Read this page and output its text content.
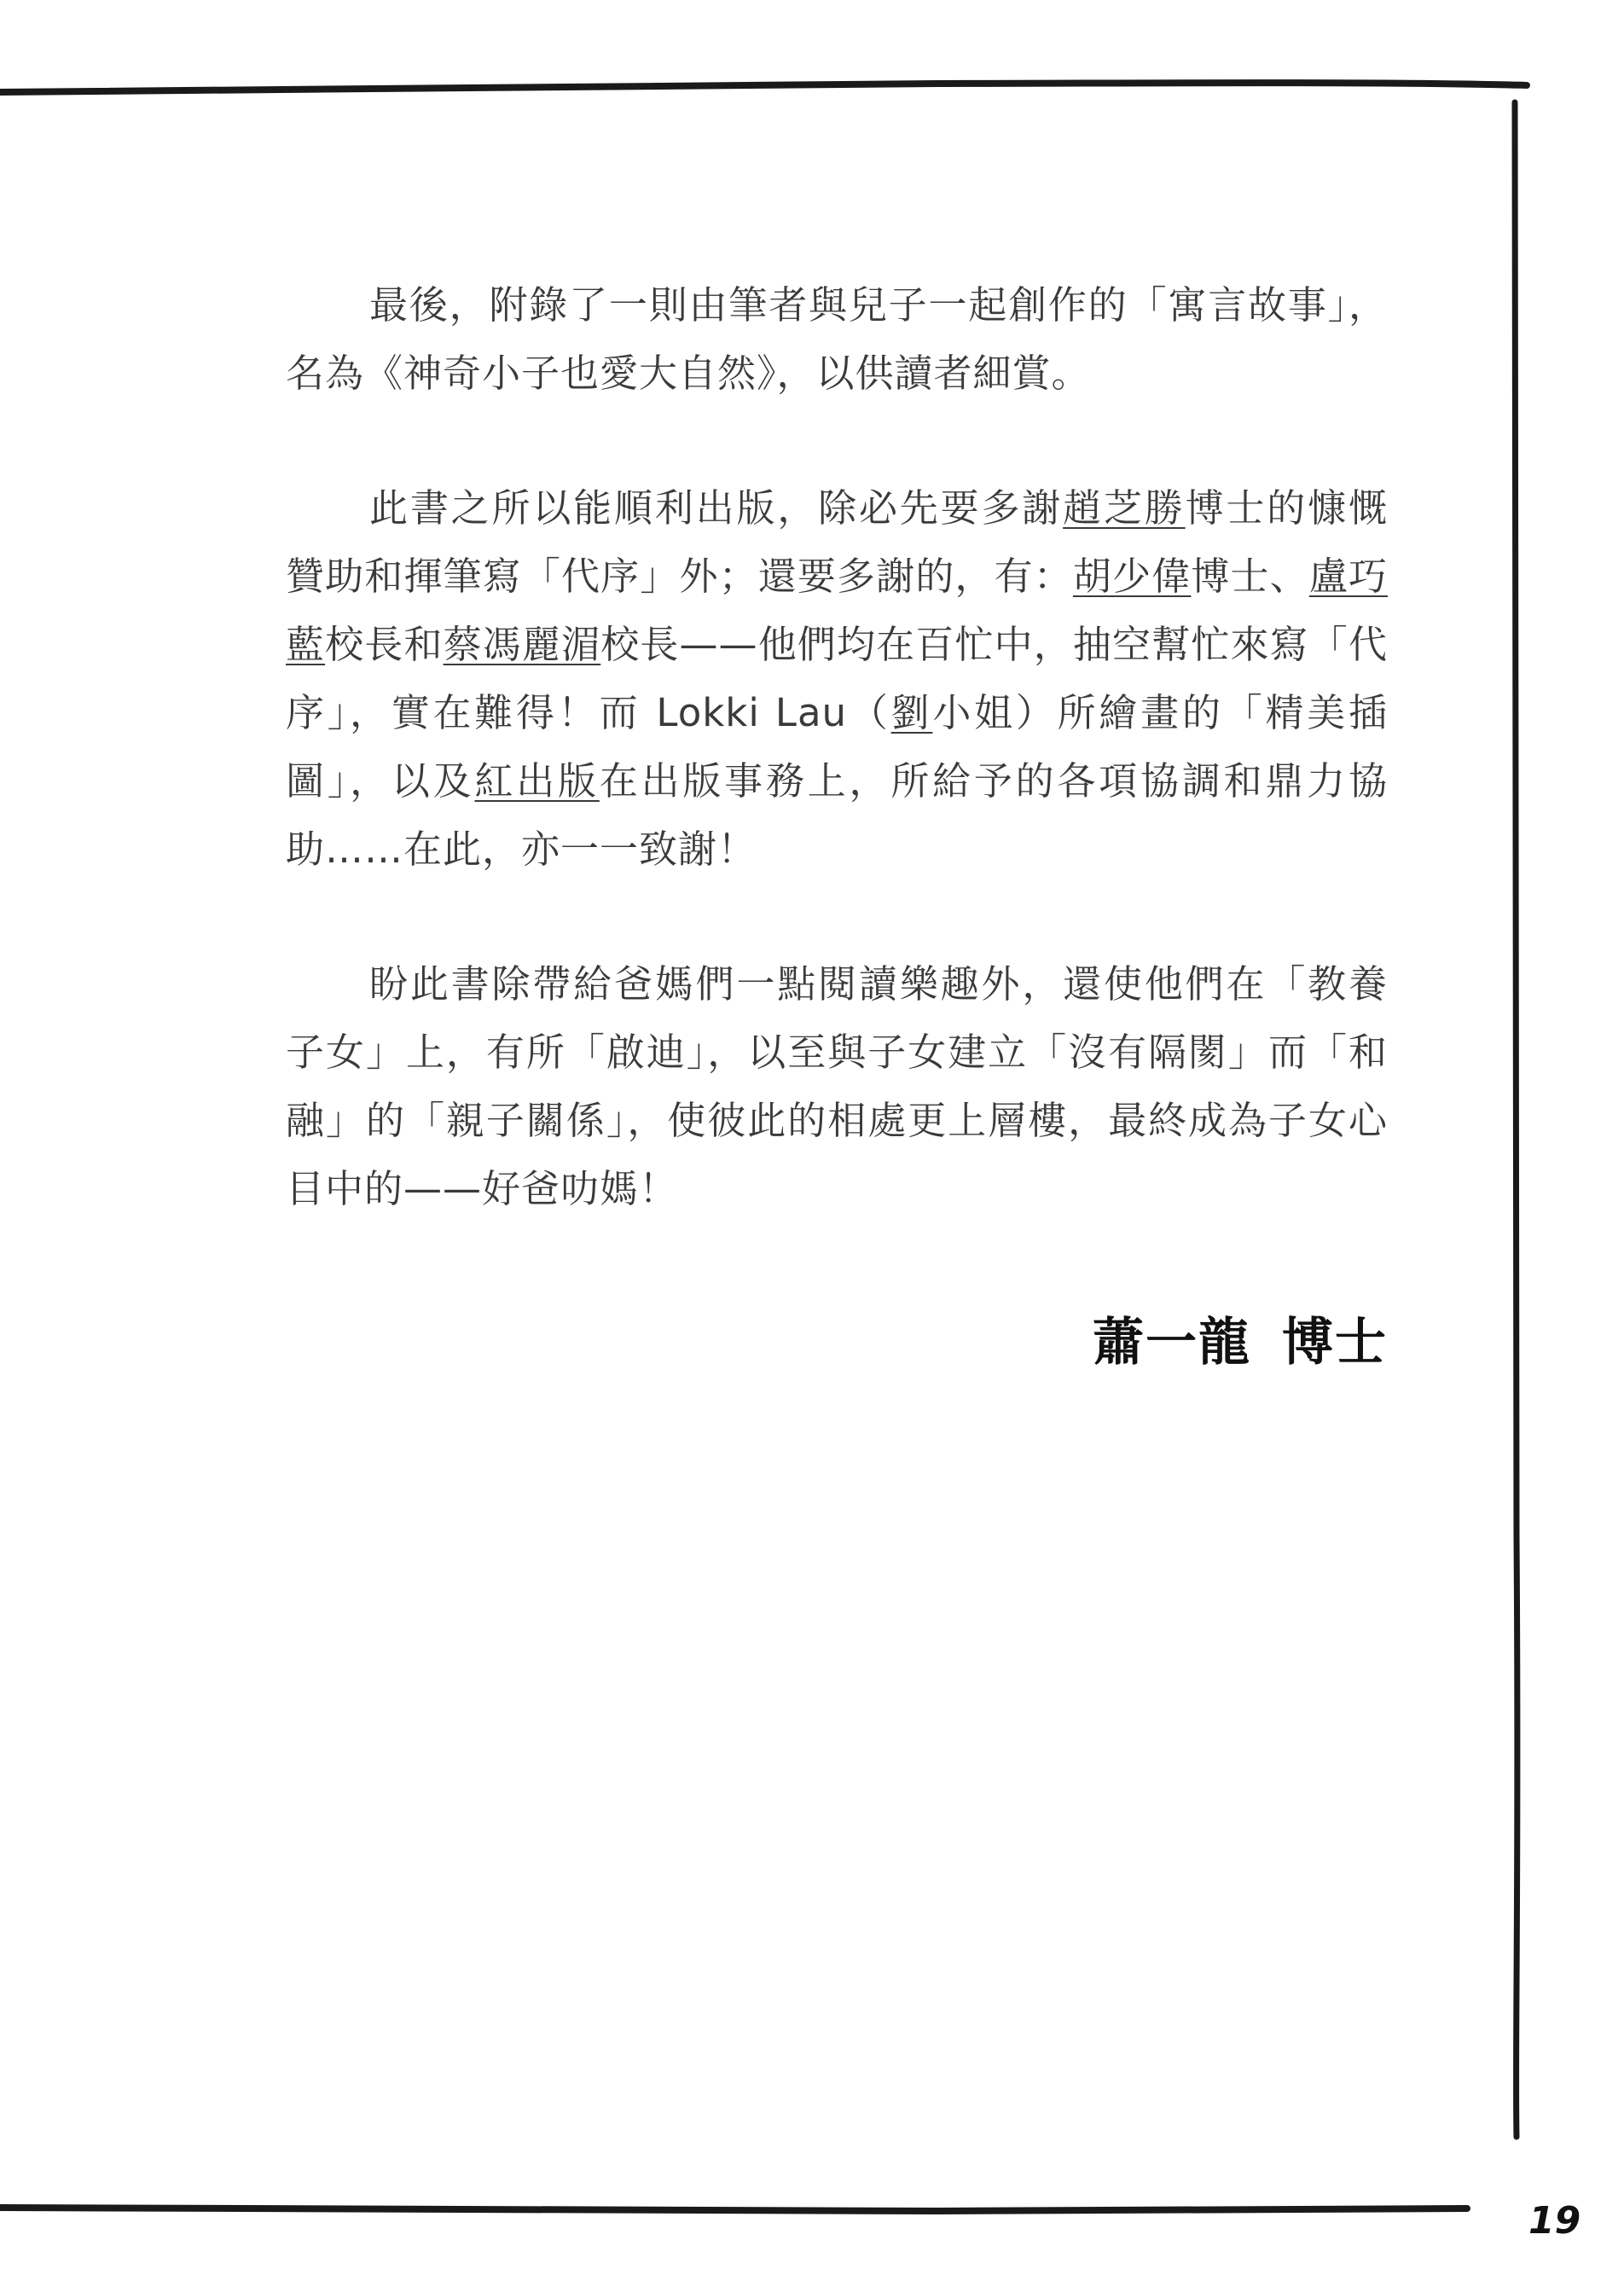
最後，附錄了一則由筆者與兒子一起創作的「寓言故事」，名為《神奇小子也愛大自然》，以供讀者細賞。

此書之所以能順利出版，除必先要多謝趙芝勝博士的慷慨贊助和揮筆寫「代序」外；還要多謝的，有：胡少偉博士、盧巧藍校長和蔡馮麗湄校長——他們均在百忙中，抽空幫忙來寫「代序」，實在難得！而 Lokki Lau（劉小姐）所繪畫的「精美插圖」，以及紅出版在出版事務上，所給予的各項協調和鼎力協助……在此，亦一一致謝！

盼此書除帶給爸媽們一點閱讀樂趣外，還使他們在「教養子女」上，有所「啟迪」，以至與子女建立「沒有隔閡」而「和融」的「親子關係」，使彼此的相處更上層樓，最終成為子女心目中的——好爸叻媽！

蕭一龍 博士
19
